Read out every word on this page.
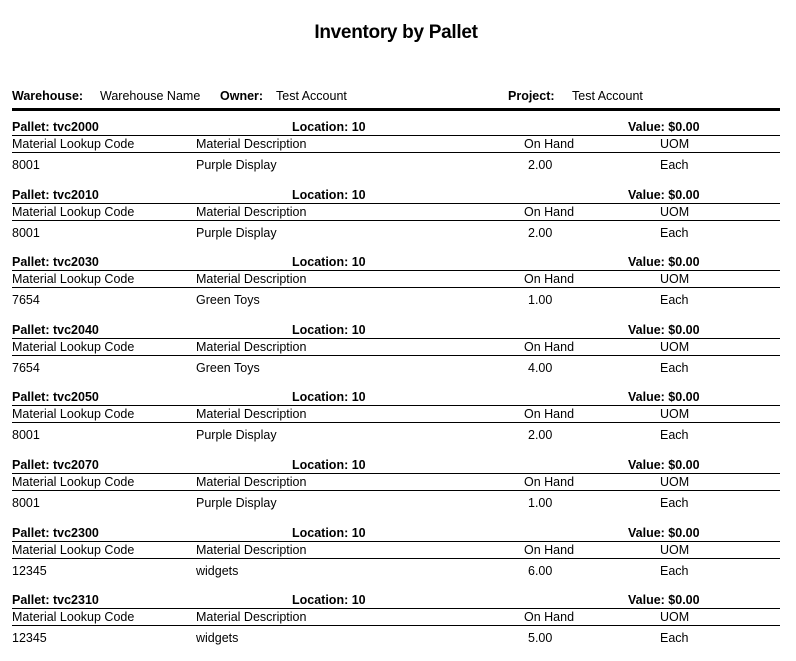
Inventory by Pallet
Warehouse: Warehouse Name Owner: Test Account	Project: Test Account
Pallet: tvc2000	Location: 10	Value: $0.00
Material Lookup Code	Material Description	On Hand	UOM
8001	Purple Display	2.00	Each
Pallet: tvc2010	Location: 10	Value: $0.00
Material Lookup Code	Material Description	On Hand	UOM
8001	Purple Display	2.00	Each
Pallet: tvc2030	Location: 10	Value: $0.00
Material Lookup Code	Material Description	On Hand	UOM
7654	Green Toys	1.00	Each
Pallet: tvc2040	Location: 10	Value: $0.00
Material Lookup Code	Material Description	On Hand	UOM
7654	Green Toys	4.00	Each
Pallet: tvc2050	Location: 10	Value: $0.00
Material Lookup Code	Material Description	On Hand	UOM
8001	Purple Display	2.00	Each
Pallet: tvc2070	Location: 10	Value: $0.00
Material Lookup Code	Material Description	On Hand	UOM
8001	Purple Display	1.00	Each
Pallet: tvc2300	Location: 10	Value: $0.00
Material Lookup Code	Material Description	On Hand	UOM
12345	widgets	6.00	Each
Pallet: tvc2310	Location: 10	Value: $0.00
Material Lookup Code	Material Description	On Hand	UOM
12345	widgets	5.00	Each
